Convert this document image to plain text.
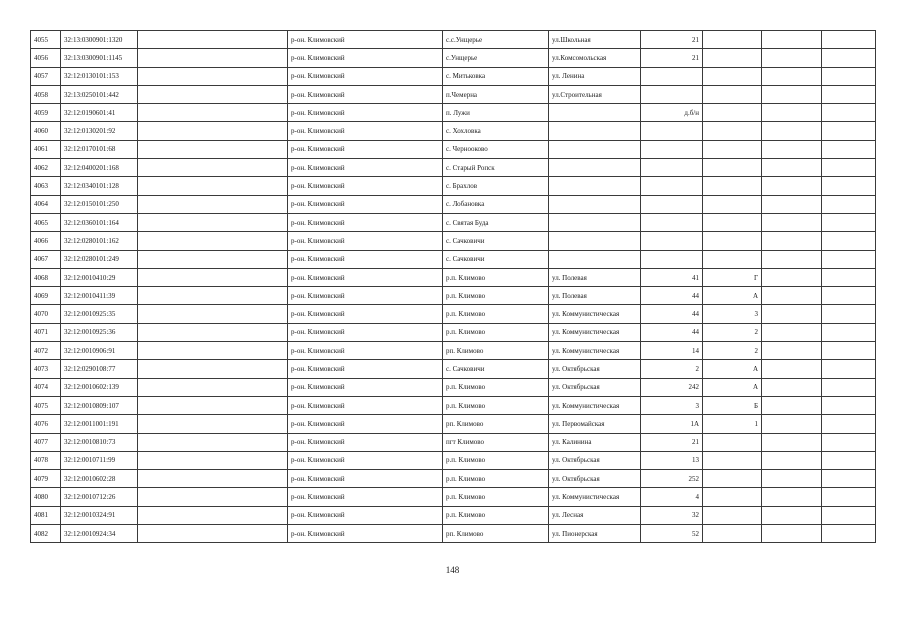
4055	32:13:0300901:1320		р-он. Климовский		с.с.Унщерье	ул.Школьная	21			
4056	32:13:0300901:1145		р-он. Климовский		с.Унщерье	ул.Комсомольская	21			
4057	32:12:0130101:153		р-он. Климовский		с. Митьковка	ул. Ленина				
4058	32:13:0250101:442		р-он. Климовский		п.Чемерна	ул.Строительная				
4059	32:12:0190601:41		р-он. Климовский		п. Лужи		д.б/н			
4060	32:12:0130201:92		р-он. Климовский		с. Хохловка					
4061	32:12:0170101:68		р-он. Климовский		с. Чернооково					
4062	32:12:0400201:168		р-он. Климовский		с. Старый Ропск					
4063	32:12:0340101:128		р-он. Климовский		с. Брахлов					
4064	32:12:0150101:250		р-он. Климовский		с. Лобановка					
4065	32:12:0360101:164		р-он. Климовский		с. Святая Буда					
4066	32:12:0280101:162		р-он. Климовский		с. Сачковичи					
4067	32:12:0280101:249		р-он. Климовский		с. Сачковичи					
4068	32:12:0010410:29		р-он. Климовский		р.п. Климово	ул. Полевая	41	Г		
4069	32:12:0010411:39		р-он. Климовский		р.п. Климово	ул. Полевая	44	А		
4070	32:12:0010925:35		р-он. Климовский		р.п. Климово	ул. Коммунистическая	44	3		
4071	32:12:0010925:36		р-он. Климовский		р.п. Климово	ул. Коммунистическая	44	2		
4072	32:12:0010906:91		р-он. Климовский		рп. Климово	ул. Коммунистическая	14	2		
4073	32:12:0290108:77		р-он. Климовский		с. Сачковичи	ул. Октябрьская	2	А		
4074	32:12:0010602:139		р-он. Климовский		р.п. Климово	ул. Октябрьская	242	А		
4075	32:12:0010809:107		р-он. Климовский		р.п. Климово	ул. Коммунистическая	3	Б		
4076	32:12:0011001:191		р-он. Климовский		рп. Климово	ул. Первомайская	1А	1		
4077	32:12:0010810:73		р-он. Климовский		пгт Климово	ул. Калинина	21			
4078	32:12:0010711:99		р-он. Климовский		р.п. Климово	ул. Октябрьская	13			
4079	32:12:0010602:28		р-он. Климовский		р.п. Климово	ул. Октябрьская	252			
4080	32:12:0010712:26		р-он. Климовский		р.п. Климово	ул. Коммунистическая	4			
4081	32:12:0010324:91		р-он. Климовский		р.п. Климово	ул. Лесная	32			
4082	32:12:0010924:34		р-он. Климовский		рп. Климово	ул. Пионерская	52			
148
